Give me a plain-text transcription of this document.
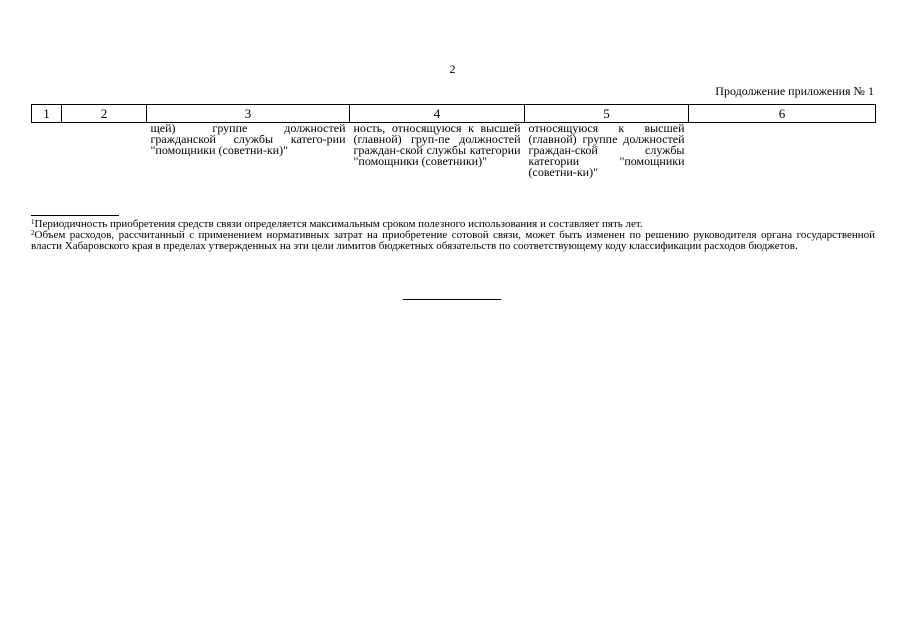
2
Продолжение приложения № 1
1	2	3	4	5	6
		щей) группе должностей гражданской службы катего-рии "помощники (советни-ки)"	ность, относящуюся к высшей (главной) груп-пе должностей граждан-ской службы категории "помощники (советники)"	относящуюся к высшей (главной) группе должностей граждан-ской службы категории "помощники (советни-ки)"	

$^1$Периодичность приобретения средств связи определяется максимальным сроком полезного использования и составляет пять лет.

$^2$Объем расходов, рассчитанный с применением нормативных затрат на приобретение сотовой связи, может быть изменен по решению руководителя органа государственной власти Хабаровского края в пределах утвержденных на эти цели лимитов бюджетных обязательств по соответствующему коду классификации расходов бюджетов.
